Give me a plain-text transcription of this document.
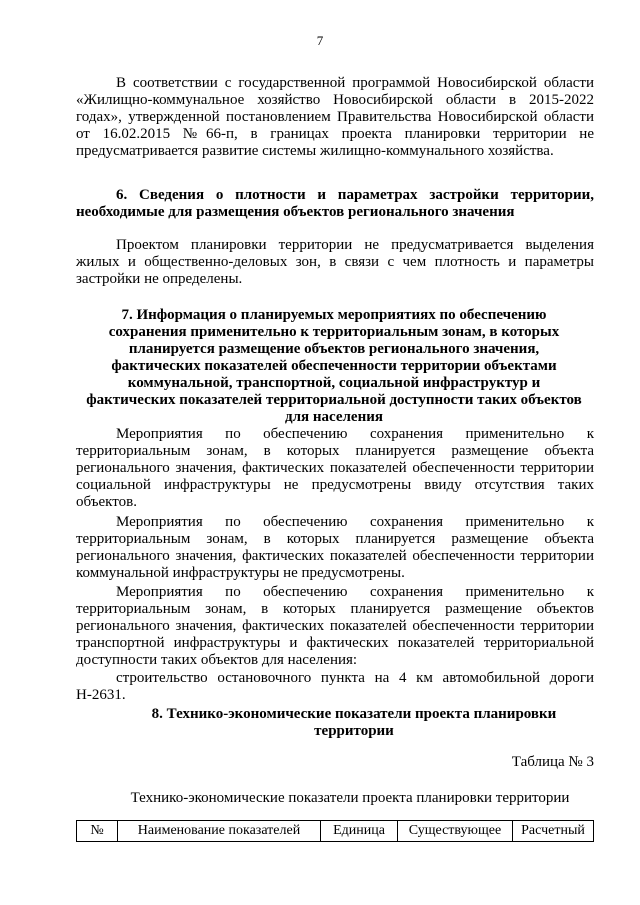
7

В соответствии с государственной программой Новосибирской области «Жилищно-коммунальное хозяйство Новосибирской области в 2015-2022 годах», утвержденной постановлением Правительства Новосибирской области от 16.02.2015 №66-п, в границах проекта планировки территории не предусматривается развитие системы жилищно-коммунального хозяйства.

6. Сведения о плотности и параметрах застройки территории, необходимые для размещения объектов регионального значения

Проектом планировки территории не предусматривается выделения жилых и общественно-деловых зон, в связи с чем плотность и параметры застройки не определены.

7. Информация о планируемых мероприятиях по обеспечению сохранения применительно к территориальным зонам, в которых планируется размещение объектов регионального значения, фактических показателей обеспеченности территории объектами коммунальной, транспортной, социальной инфраструктур и фактических показателей территориальной доступности таких объектов для населения

Мероприятия по обеспечению сохранения применительно к территориальным зонам, в которых планируется размещение объекта регионального значения, фактических показателей обеспеченности территории социальной инфраструктуры не предусмотрены ввиду отсутствия таких объектов.

Мероприятия по обеспечению сохранения применительно к территориальным зонам, в которых планируется размещение объекта регионального значения, фактических показателей обеспеченности территории коммунальной инфраструктуры не предусмотрены.

Мероприятия по обеспечению сохранения применительно к территориальным зонам, в которых планируется размещение объектов регионального значения, фактических показателей обеспеченности территории транспортной инфраструктуры и фактических показателей территориальной доступности таких объектов для населения:

строительство остановочного пункта на 4 км автомобильной дороги Н-2631.

8. Технико-экономические показатели проекта планировки территории

Таблица № 3

Технико-экономические показатели проекта планировки территории

№	Наименование показателей	Единица	Существующее	Расчетный
